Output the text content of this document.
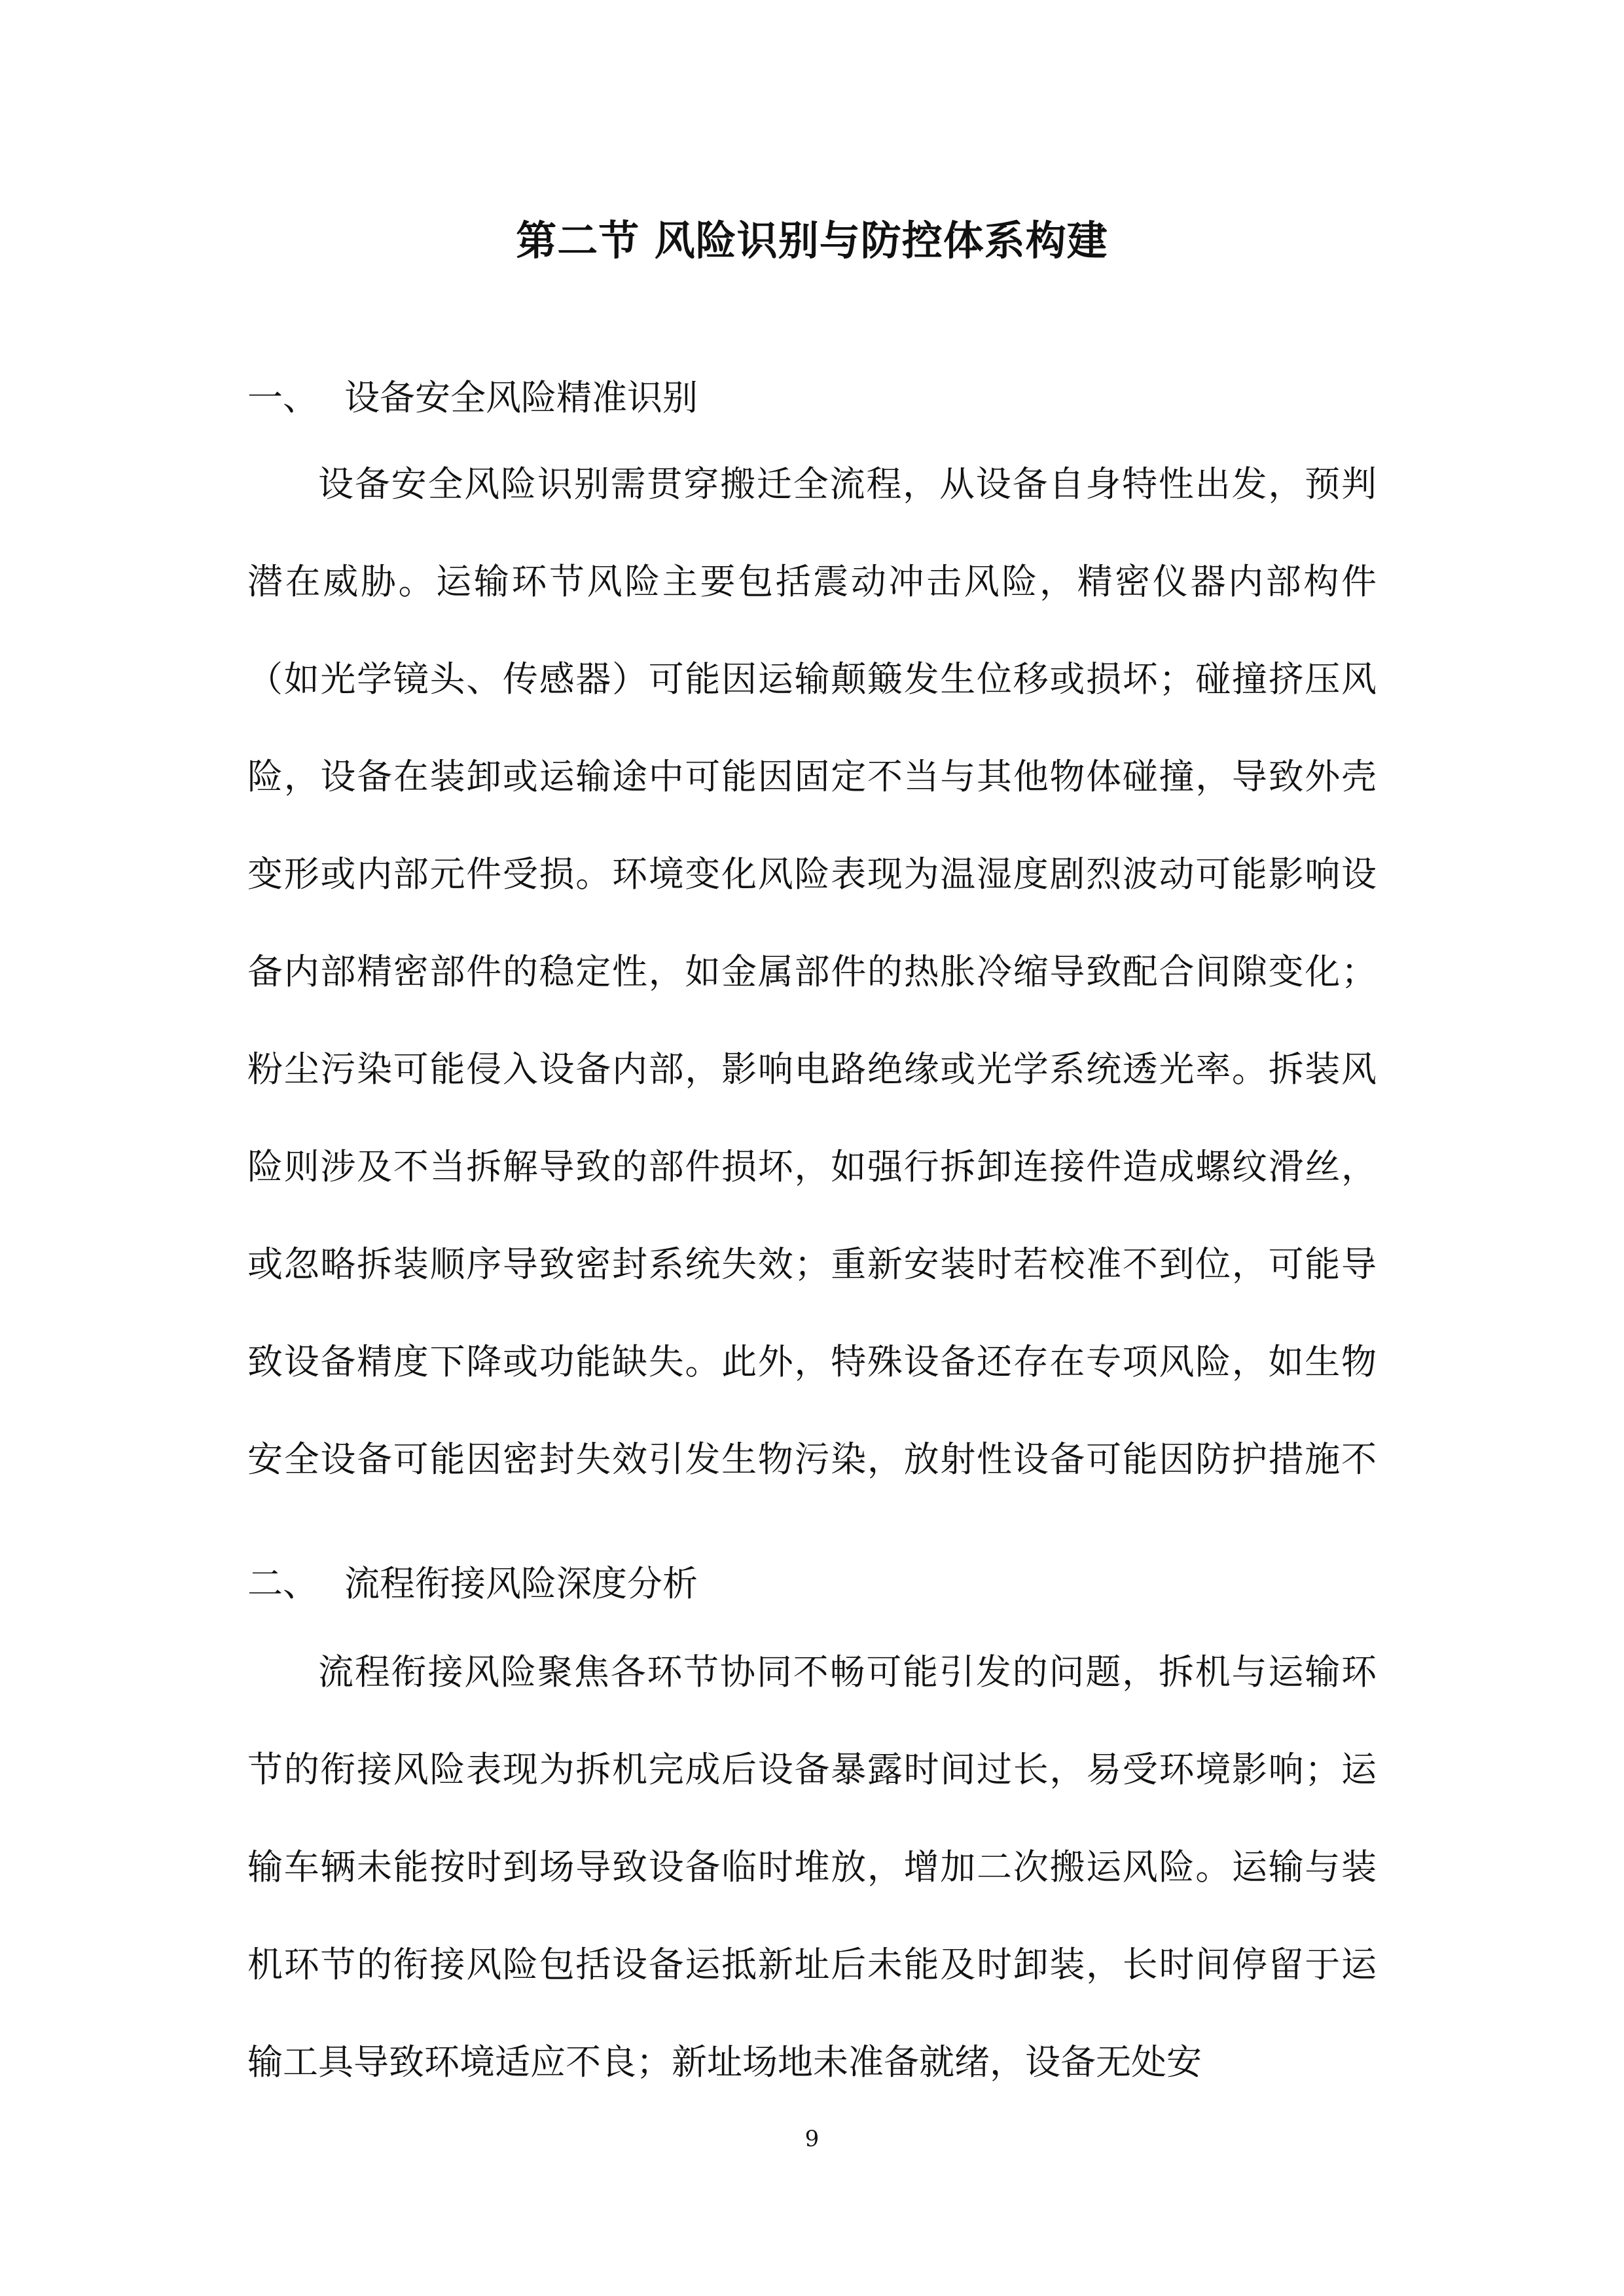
第二节 风险识别与防控体系构建
一、 设备安全风险精准识别

设备安全风险识别需贯穿搬迁全流程，从设备自身特性出发，预判潜在威胁。运输环节风险主要包括震动冲击风险，精密仪器内部构件（如光学镜头、传感器）可能因运输颠簸发生位移或损坏；碰撞挤压风险，设备在装卸或运输途中可能因固定不当与其他物体碰撞，导致外壳变形或内部元件受损。环境变化风险表现为温湿度剧烈波动可能影响设备内部精密部件的稳定性，如金属部件的热胀冷缩导致配合间隙变化；粉尘污染可能侵入设备内部，影响电路绝缘或光学系统透光率。拆装风险则涉及不当拆解导致的部件损坏，如强行拆卸连接件造成螺纹滑丝，或忽略拆装顺序导致密封系统失效；重新安装时若校准不到位，可能导致设备精度下降或功能缺失。此外，特殊设备还存在专项风险，如生物安全设备可能因密封失效引发生物污染，放射性设备可能因防护措施不

二、 流程衔接风险深度分析

流程衔接风险聚焦各环节协同不畅可能引发的问题，拆机与运输环节的衔接风险表现为拆机完成后设备暴露时间过长，易受环境影响；运输车辆未能按时到场导致设备临时堆放，增加二次搬运风险。运输与装机环节的衔接风险包括设备运抵新址后未能及时卸装，长时间停留于运输工具导致环境适应不良；新址场地未准备就绪，设备无处安

9
